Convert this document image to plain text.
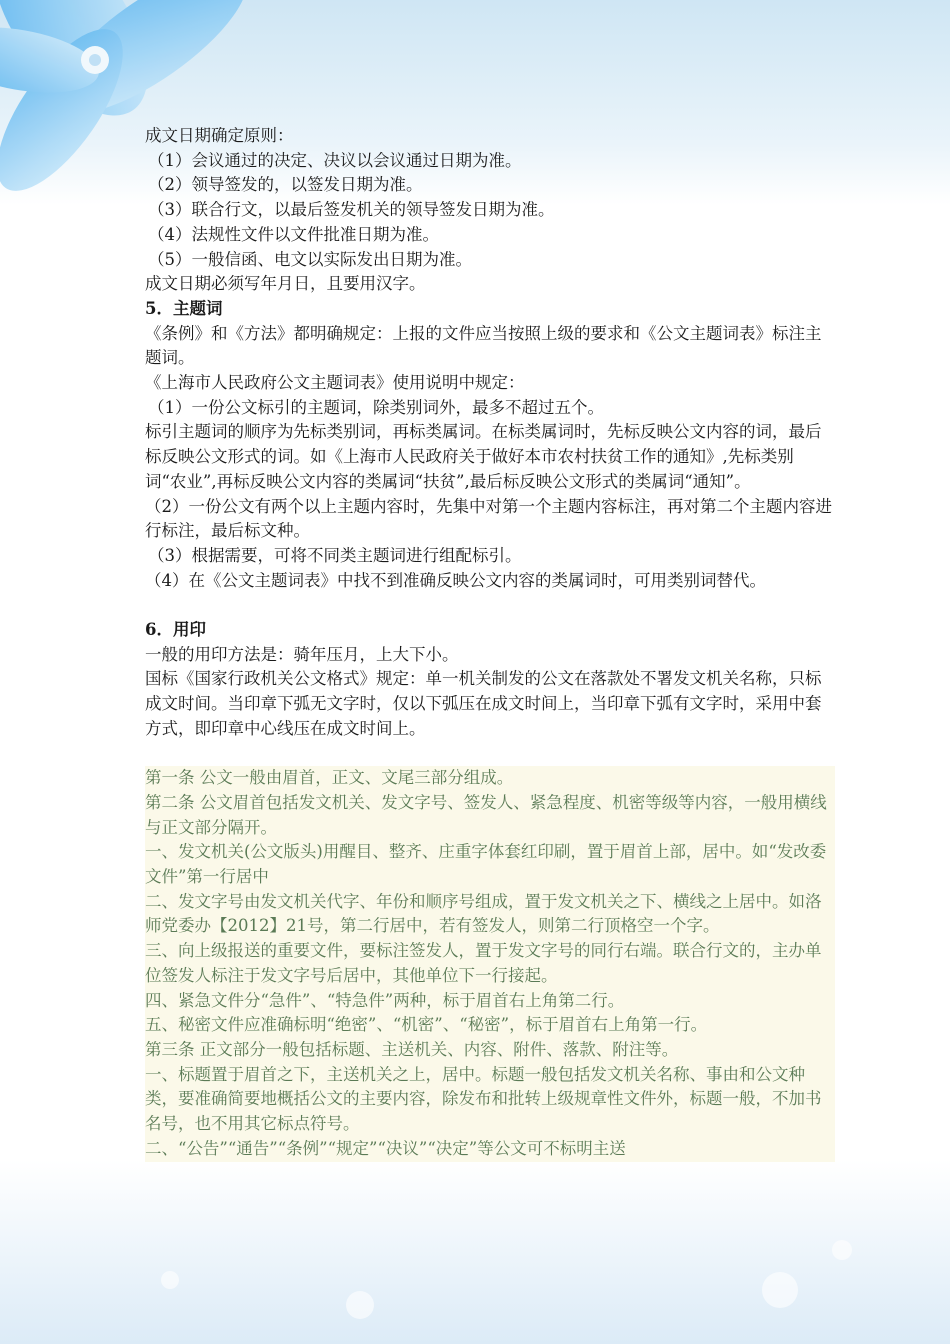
成文日期确定原则：

（1）会议通过的决定、决议以会议通过日期为准。

（2）领导签发的，以签发日期为准。

（3）联合行文，以最后签发机关的领导签发日期为准。

（4）法规性文件以文件批准日期为准。

（5）一般信函、电文以实际发出日期为准。

成文日期必须写年月日，且要用汉字。

5．主题词

《条例》和《方法》都明确规定：上报的文件应当按照上级的要求和《公文主题词表》标注主题词。

《上海市人民政府公文主题词表》使用说明中规定：

（1）一份公文标引的主题词，除类别词外，最多不超过五个。

标引主题词的顺序为先标类别词，再标类属词。在标类属词时，先标反映公文内容的词，最后标反映公文形式的词。如《上海市人民政府关于做好本市农村扶贫工作的通知》,先标类别词“农业”,再标反映公文内容的类属词“扶贫”,最后标反映公文形式的类属词“通知”。

（2）一份公文有两个以上主题内容时，先集中对第一个主题内容标注，再对第二个主题内容进行标注，最后标文种。

（3）根据需要，可将不同类主题词进行组配标引。

（4）在《公文主题词表》中找不到准确反映公文内容的类属词时，可用类别词替代。

6．用印

一般的用印方法是：骑年压月，上大下小。

国标《国家行政机关公文格式》规定：单一机关制发的公文在落款处不署发文机关名称，只标成文时间。当印章下弧无文字时，仅以下弧压在成文时间上，当印章下弧有文字时，采用中套方式，即印章中心线压在成文时间上。

第一条 公文一般由眉首，正文、文尾三部分组成。

第二条 公文眉首包括发文机关、发文字号、签发人、紧急程度、机密等级等内容，一般用横线与正文部分隔开。

一、发文机关(公文版头)用醒目、整齐、庄重字体套红印刷，置于眉首上部，居中。如“发改委文件”第一行居中

二、发文字号由发文机关代字、年份和顺序号组成，置于发文机关之下、横线之上居中。如洛师党委办【2012】21号，第二行居中，若有签发人，则第二行顶格空一个字。

三、向上级报送的重要文件，要标注签发人，置于发文字号的同行右端。联合行文的，主办单位签发人标注于发文字号后居中，其他单位下一行接起。

四、紧急文件分“急件”、“特急件”两种，标于眉首右上角第二行。

五、秘密文件应准确标明“绝密”、“机密”、“秘密”，标于眉首右上角第一行。

第三条 正文部分一般包括标题、主送机关、内容、附件、落款、附注等。

一、标题置于眉首之下，主送机关之上，居中。标题一般包括发文机关名称、事由和公文种类，要准确简要地概括公文的主要内容，除发布和批转上级规章性文件外，标题一般，不加书名号，也不用其它标点符号。

二、“公告”“通告”“条例”“规定”“决议”“决定”等公文可不标明主送
